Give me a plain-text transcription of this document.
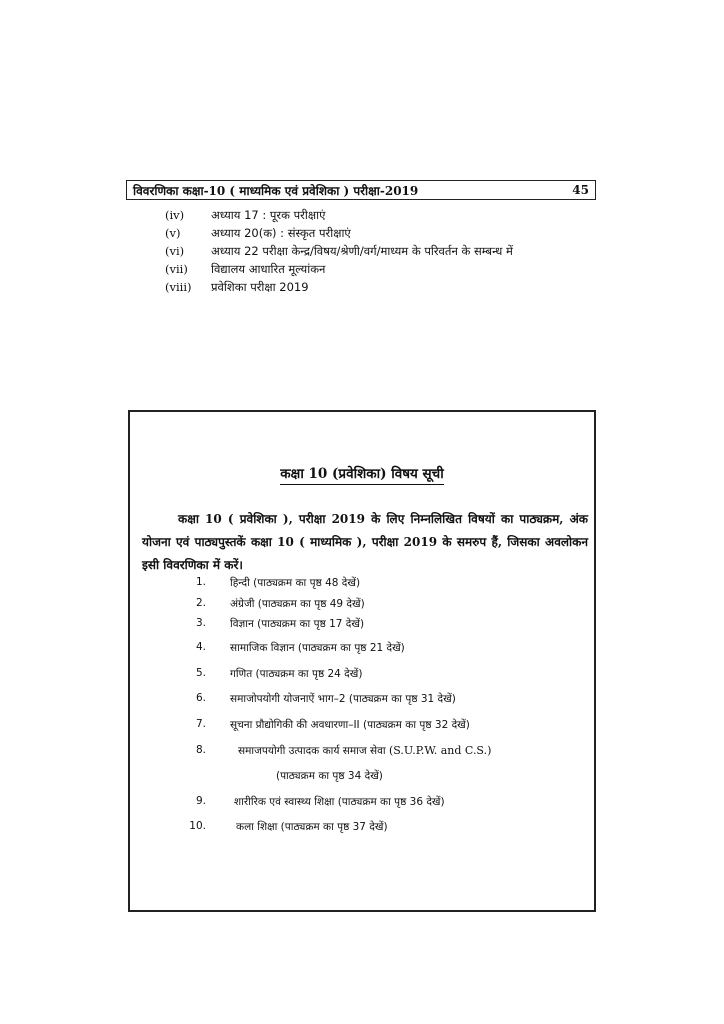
विवरणिका कक्षा-10 ( माध्यमिक एवं प्रवेशिका ) परीक्षा-2019	45
(iv)	अध्याय 17 : पूरक परीक्षाएं
(v)	अध्याय 20(क) : संस्कृत परीक्षाएं
(vi)	अध्याय 22 परीक्षा केन्द्र/विषय/श्रेणी/वर्ग/माध्यम के परिवर्तन के सम्बन्ध में
(vii)	विद्यालय आधारित मूल्यांकन
(viii)	प्रवेशिका परीक्षा 2019
कक्षा 10 (प्रवेशिका) विषय सूची
कक्षा 10 ( प्रवेशिका ), परीक्षा 2019 के लिए निम्नलिखित विषयों का पाठ्यक्रम, अंक योजना एवं पाठ्यपुस्तकें कक्षा 10 ( माध्यमिक ), परीक्षा 2019 के समरुप हैं, जिसका अवलोकन इसी विवरणिका में करें।
1. हिन्दी (पाठ्यक्रम का पृष्ठ 48 देखें)
2. अंग्रेजी (पाठ्यक्रम का पृष्ठ 49 देखें)
3. विज्ञान (पाठ्यक्रम का पृष्ठ 17 देखें)
4. सामाजिक विज्ञान (पाठ्यक्रम का पृष्ठ 21 देखें)
5. गणित (पाठ्यक्रम का पृष्ठ 24 देखें)
6. समाजोपयोगी योजनाऐं भाग–2 (पाठ्यक्रम का पृष्ठ 31 देखें)
7. सूचना प्रौद्योगिकी की अवधारणा–II (पाठ्यक्रम का पृष्ठ 32 देखें)
8.	समाजपयोगी उत्पादक कार्य समाज सेवा (S.U.P.W. and C.S.)
(पाठ्यक्रम का पृष्ठ 34 देखें)
9.	शारीरिक एवं स्वास्थ्य शिक्षा (पाठ्यक्रम का पृष्ठ 36 देखें)
10.	कला शिक्षा (पाठ्यक्रम का पृष्ठ 37 देखें)
